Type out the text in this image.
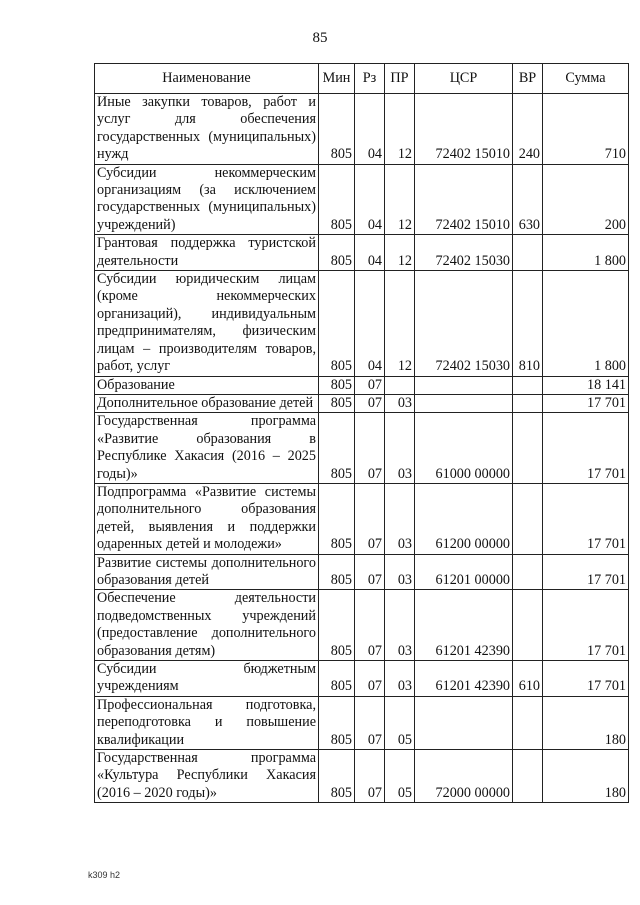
85
Наименование	Мин	Рз	ПР	ЦСР	ВР	Сумма
Иные закупки товаров, работ и услуг для обеспечения государственных (муниципальных) нужд	805	04	12	72402 15010	240	710
Субсидии некоммерческим организациям (за исключением государственных (муниципальных) учреждений)	805	04	12	72402 15010	630	200
Грантовая поддержка туристской деятельности	805	04	12	72402 15030		1 800
Субсидии юридическим лицам (кроме некоммерческих организаций), индивидуальным предпринимателям, физическим лицам – производителям товаров, работ, услуг	805	04	12	72402 15030	810	1 800
Образование	805	07				18 141
Дополнительное образование детей	805	07	03			17 701
Государственная программа «Развитие образования в Республике Хакасия (2016 – 2025 годы)»	805	07	03	61000 00000		17 701
Подпрограмма «Развитие системы дополнительного образования детей, выявления и поддержки одаренных детей и молодежи»	805	07	03	61200 00000		17 701
Развитие системы дополнительного образования детей	805	07	03	61201 00000		17 701
Обеспечение деятельности подведомственных учреждений (предоставление дополнительного образования детям)	805	07	03	61201 42390		17 701
Субсидии бюджетным учреждениям	805	07	03	61201 42390	610	17 701
Профессиональная подготовка, переподготовка и повышение квалификации	805	07	05			180
Государственная программа «Культура Республики Хакасия (2016 – 2020 годы)»	805	07	05	72000 00000		180
k309 h2
